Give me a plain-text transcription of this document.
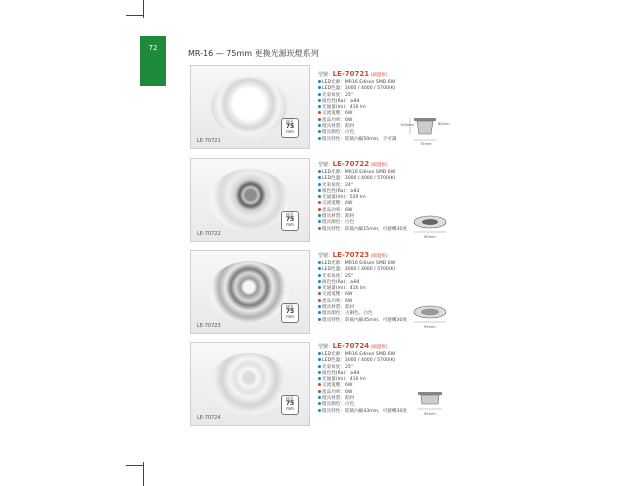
72
MR-16 — 75mm 更換光源崁燈系列
LE-70721
崁孔
75
mm
型號：LE-70721 (細邊框)
LED光源：MR16 Edison SMD 6W
LED色溫：3000 / 4000 / 5700(K)
光束角度：25°
演色性(Ra)：≥84
光通量(lm)：416 lm
交流電壓：6W
產品功率：6W
燈具材質：鋁材
燈具顏色：白色
燈具特性：防眩內縮50mm，不可調
100mm	80mm
75mm
LE-70722
崁孔
75
mm
型號：LE-70722 (細邊框)
LED光源：MR16 Edison SMD 6W
LED色溫：3000 / 4000 / 5700(K)
光束角度：24°
演色性(Ra)：≥83
光通量(lm)：520 lm
交流電壓：6W
產品功率：6W
燈具材質：鋁材
燈具顏色：白色
燈具特性：防眩內縮15mm，可旋轉30度
90mm
LE-70723
崁孔
75
mm
型號：LE-70723 (細邊框)
LED光源：MR16 Edison SMD 6W
LED色溫：3000 / 4000 / 5700(K)
光束角度：25°
演色性(Ra)：≥84
光通量(lm)：416 lm
交流電壓：6W
產品功率：6W
燈具材質：鋁材
燈具顏色：古銅色、白色
燈具特性：防眩內縮45mm，可旋轉30度
95mm
LE-70724
崁孔
75
mm
型號：LE-70724 (細邊框)
LED光源：MR16 Edison SMD 6W
LED色溫：3000 / 4000 / 5700(K)
光束角度：25°
演色性(Ra)：≥84
光通量(lm)：416 lm
交流電壓：6W
產品功率：6W
燈具材質：鋁材
燈具顏色：白色
燈具特性：防眩內縮43mm，可旋轉30度
95mm
